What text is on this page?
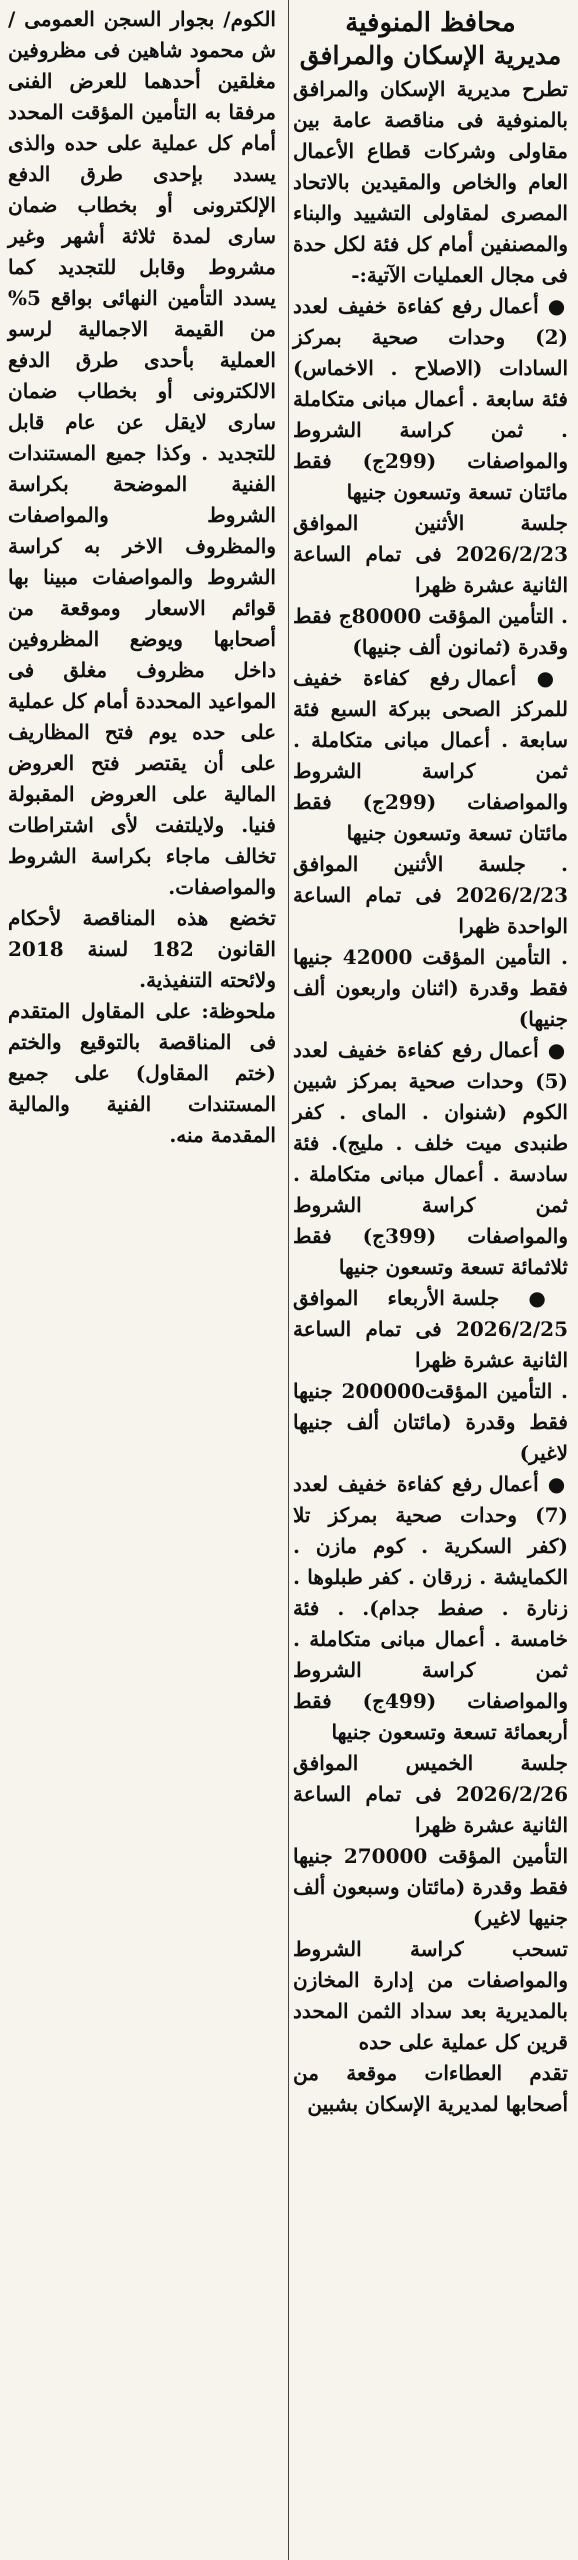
محافظ المنوفية
مديرية الإسكان والمرافق

تطرح مديرية الإسكان والمرافق بالمنوفية فى مناقصة عامة بين مقاولى وشركات قطاع الأعمال العام والخاص والمقيدين بالاتحاد المصرى لمقاولى التشييد والبناء والمصنفين أمام كل فئة لكل حدة فى مجال العمليات الآتية:-

● أعمال رفع كفاءة خفيف لعدد (2) وحدات صحية بمركز السادات (الاصلاح . الاخماس) فئة سابعة . أعمال مبانى متكاملة . ثمن كراسة الشروط والمواصفات (299ج) فقط مائتان تسعة وتسعون جنيها

جلسة الأثنين الموافق 2026/2/23 فى تمام الساعة الثانية عشرة ظهرا

. التأمين المؤقت 80000ج فقط وقدرة (ثمانون ألف جنيها)

● أعمال رفع كفاءة خفيف للمركز الصحى ببركة السبع فئة سابعة . أعمال مبانى متكاملة . ثمن كراسة الشروط والمواصفات (299ج) فقط مائتان تسعة وتسعون جنيها

. جلسة الأثنين الموافق 2026/2/23 فى تمام الساعة الواحدة ظهرا

. التأمين المؤقت 42000 جنيها فقط وقدرة (اثنان واربعون ألف جنيها)

● أعمال رفع كفاءة خفيف لعدد (5) وحدات صحية بمركز شبين الكوم (شنوان . الماى . كفر طنبدى ميت خلف . مليج). فئة سادسة . أعمال مبانى متكاملة . ثمن كراسة الشروط والمواصفات (399ج) فقط ثلاثمائة تسعة وتسعون جنيها

● جلسة الأربعاء الموافق 2026/2/25 فى تمام الساعة الثانية عشرة ظهرا

. التأمين المؤقت200000 جنيها فقط وقدرة (مائتان ألف جنيها لاغير)

● أعمال رفع كفاءة خفيف لعدد (7) وحدات صحية بمركز تلا (كفر السكرية . كوم مازن . الكمايشة . زرقان . كفر طبلوها . زنارة . صفط جدام). . فئة خامسة . أعمال مبانى متكاملة . ثمن كراسة الشروط والمواصفات (499ج) فقط أربعمائة تسعة وتسعون جنيها

جلسة الخميس الموافق 2026/2/26 فى تمام الساعة الثانية عشرة ظهرا

التأمين المؤقت 270000 جنيها فقط وقدرة (مائتان وسبعون ألف جنيها لاغير)

تسحب كراسة الشروط والمواصفات من إدارة المخازن بالمديرية بعد سداد الثمن المحدد قرين كل عملية على حده

تقدم العطاءات موقعة من أصحابها لمديرية الإسكان بشبين

الكوم/ بجوار السجن العمومى / ش محمود شاهين فى مظروفين مغلقين أحدهما للعرض الفنى مرفقا به التأمين المؤقت المحدد أمام كل عملية على حده والذى يسدد بإحدى طرق الدفع الإلكترونى أو بخطاب ضمان سارى لمدة ثلاثة أشهر وغير مشروط وقابل للتجديد كما يسدد التأمين النهائى بواقع 5% من القيمة الاجمالية لرسو العملية بأحدى طرق الدفع الالكترونى أو بخطاب ضمان سارى لايقل عن عام قابل للتجديد . وكذا جميع المستندات الفنية الموضحة بكراسة الشروط والمواصفات والمظروف الاخر به كراسة الشروط والمواصفات مبينا بها قوائم الاسعار وموقعة من أصحابها ويوضع المظروفين داخل مظروف مغلق فى المواعيد المحددة أمام كل عملية على حده يوم فتح المظاريف على أن يقتصر فتح العروض المالية على العروض المقبولة فنيا. ولايلتفت لأى اشتراطات تخالف ماجاء بكراسة الشروط والمواصفات.

تخضع هذه المناقصة لأحكام القانون 182 لسنة 2018 ولائحته التنفيذية.

ملحوظة: على المقاول المتقدم فى المناقصة بالتوقيع والختم (ختم المقاول) على جميع المستندات الفنية والمالية المقدمة منه.
